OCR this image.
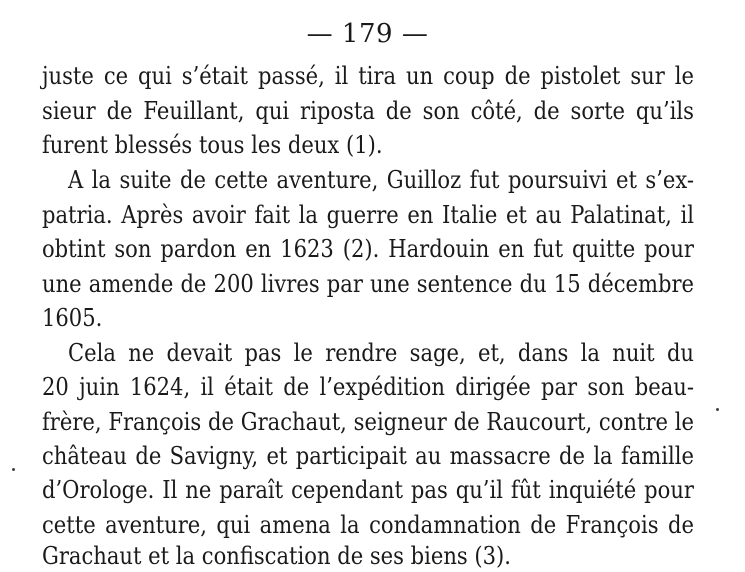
— 179 —
juste ce qui s’était passé, il tira un coup de pistolet sur le
sieur de Feuillant, qui riposta de son côté, de sorte qu’ils
furent blessés tous les deux (1).
A la suite de cette aventure, Guilloz fut poursuivi et s’ex-
patria. Après avoir fait la guerre en Italie et au Palatinat, il
obtint son pardon en 1623 (2). Hardouin en fut quitte pour
une amende de 200 livres par une sentence du 15 décembre
1605.
Cela ne devait pas le rendre sage, et, dans la nuit du
20 juin 1624, il était de l’expédition dirigée par son beau-
frère, François de Grachaut, seigneur de Raucourt, contre le
château de Savigny, et participait au massacre de la famille
d’Orologe. Il ne paraît cependant pas qu’il fût inquiété pour
cette aventure, qui amena la condamnation de François de
Grachaut et la confiscation de ses biens (3).
